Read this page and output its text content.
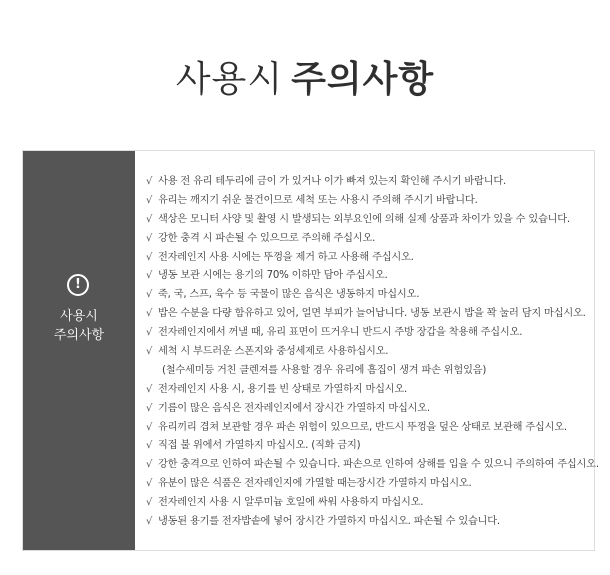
사용시 주의사항
!
사용시
주의사항
√ 사용 전 유리 테두리에 금이 가 있거나 이가 빠져 있는지 확인해 주시기 바랍니다.
√ 유리는 깨지기 쉬운 물건이므로 세척 또는 사용시 주의해 주시기 바랍니다.
√ 색상은 모니터 사양 및 촬영 시 발생되는 외부요인에 의해 실제 상품과 차이가 있을 수 있습니다.
√ 강한 충격 시 파손될 수 있으므로 주의해 주십시오.
√ 전자레인지 사용 시에는 뚜껑을 제거 하고 사용해 주십시오.
√ 냉동 보관 시에는 용기의 70% 이하만 담아 주십시오.
√ 죽, 국, 스프, 육수 등 국물이 많은 음식은 냉동하지 마십시오.
√ 밥은 수분을 다량 함유하고 있어, 얼면 부피가 늘어납니다. 냉동 보관시 밥을 꽉 눌러 담지 마십시오.
√ 전자레인지에서 꺼낼 때, 유리 표면이 뜨거우니 반드시 주방 장갑을 착용해 주십시오.
√ 세척 시 부드러운 스폰지와 중성세제로 사용하십시오.
(철수세미등 거친 클렌져를 사용할 경우 유리에 흠집이 생겨 파손 위험있음)
√ 전자레인지 사용 시, 용기를 빈 상태로 가열하지 마십시오.
√ 기름이 많은 음식은 전자레인지에서 장시간 가열하지 마십시오.
√ 유리끼리 겹쳐 보관할 경우 파손 위험이 있으므로, 반드시 뚜껑을 덮은 상태로 보관해 주십시오.
√ 직접 불 위에서 가열하지 마십시오. (직화 금지)
√ 강한 충격으로 인하여 파손될 수 있습니다. 파손으로 인하여 상해를 입을 수 있으니 주의하여 주십시오.
√ 유분이 많은 식품은 전자레인지에 가열할 때는장시간 가열하지 마십시오.
√ 전자레인지 사용 시 알루미늄 호일에 싸워 사용하지 마십시오.
√ 냉동된 용기를 전자밥솥에 넣어 장시간 가열하지 마십시오. 파손될 수 있습니다.
